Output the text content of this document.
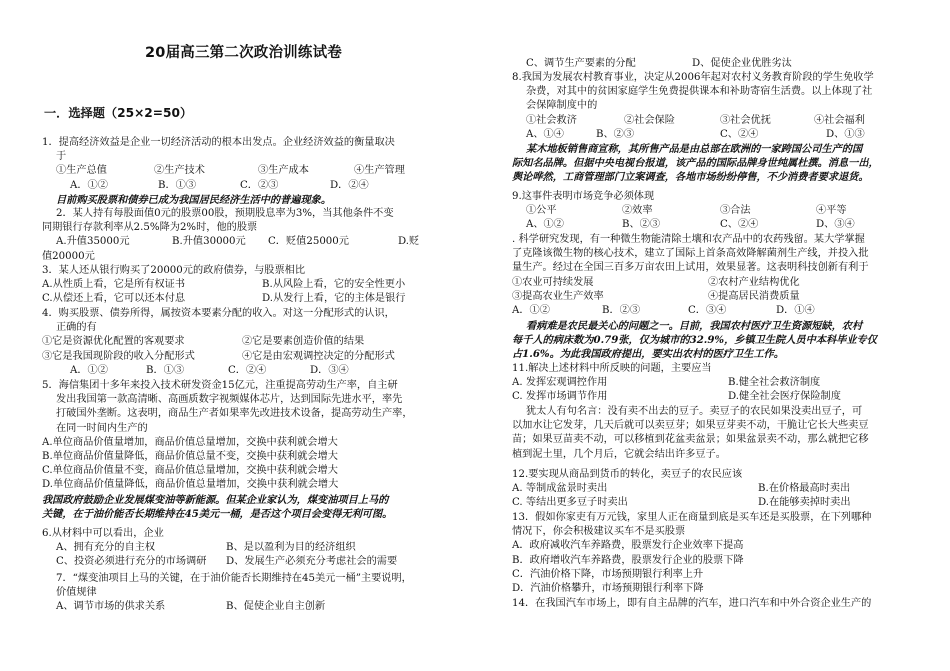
20届高三第二次政治训练试卷
一．选择题（25×2=50）
1．提高经济效益是企业一切经济活动的根本出发点。企业经济效益的衡量取决
于
①生产总值	②生产技术	③生产成本	④生产管理
A．①②	B．①③	C．②③	D．②④
目前购买股票和债券已成为我国居民经济生活中的普遍现象。
2．某人持有每股面值0元的股票00股，预期股息率为3%，当其他条件不变
同期银行存款利率从2.5%降为2%时，他的股票
A.升值35000元	B.升值30000元	C．贬值25000元	D.贬
值20000元
3．某人还从银行购买了20000元的政府债券，与股票相比
A.从性质上看，它是所有权证书	B.从风险上看，它的安全性更小
C.从偿还上看，它可以还本付息	D.从发行上看，它的主体是银行
4．购买股票、债券所得，属按资本要素分配的收入。对这一分配形式的认识，
正确的有
①它是资源优化配置的客观要求	②它是要素创造价值的结果
③它是我国现阶段的收入分配形式	④它是由宏观调控决定的分配形式
A．①②	B．①③	C．②④	D．③④
5．海信集团十多年来投入技术研发资金15亿元，注重提高劳动生产率，自主研
发出我国第一款高清晰、高画质数字视频媒体芯片，达到国际先进水平，率先
打破国外垄断。这表明，商品生产者如果率先改进技术设备，提高劳动生产率，
在同一时间内生产的
A.单位商品价值量增加，商品价值总量增加，交换中获利就会增大
B.单位商品价值量降低，商品价值总量不变，交换中获利就会增大
C.单位商品价值量不变，商品价值总量增加，交换中获利就会增大
D.单位商品价值量降低，商品价值总量增加，交换中获利就会增大
我国政府鼓励企业发展煤变油等新能源。但某企业家认为，煤变油项目上马的
关键，在于油价能否长期维持在45美元一桶，是否这个项目会变得无利可图。
6.从材料中可以看出，企业
A、拥有充分的自主权	B、是以盈利为目的经济组织
C、投资必须进行充分的市场调研	D、发展生产必须充分考虑社会的需要
7．“煤变油项目上马的关键，在于油价能否长期维持在45美元一桶”主要说明，
价值规律
A、调节市场的供求关系	B、促使企业自主创新
C、调节生产要素的分配	D、促使企业优胜劣汰
8.我国为发展农村教育事业，决定从2006年起对农村义务教育阶段的学生免收学
杂费，对其中的贫困家庭学生免费提供课本和补助寄宿生活费。以上体现了社
会保障制度中的
①社会救济	②社会保险	③社会优抚	④社会福利
A、①④	B、②③	C、②④	D、①③
某木地板销售商宣称，其所售产品是由总部在欧洲的一家跨国公司生产的国
际知名品牌。但据中央电视台报道，该产品的国际品牌身世纯属杜撰。消息一出，
舆论哗然，工商管理部门立案调查，各地市场纷纷停售，不少消费者要求退货。
9.这事件表明市场竞争必须体现
①公平	②效率	③合法	④平等
A、①②	B、②③	C、②④	D、③④
. 科学研究发现，有一种微生物能清除土壤和农产品中的农药残留。某大学掌握
了克隆该微生物的核心技术，建立了国际上首条高效降解菌剂生产线，并投入批
量生产。经过在全国三百多万亩农田上试用，效果显著。这表明科技创新有利于
①农业可持续发展	②农村产业结构优化
③提高农业生产效率	④提高居民消费质量
A．①②	B．②③	C．③④	D．①④
看病难是农民最关心的问题之一。目前，我国农村医疗卫生资源短缺，农村
每千人的病床数为0.79张，仅为城市的32.9%，乡镇卫生院人员中本科毕业专仅
占1.6%。为此我国政府提出，要实出农村的医疗卫生工作。
11.解决上述材料中所反映的问题，主要应当
A. 发挥宏观调控作用	B.健全社会救济制度
C. 发挥市场调节作用	D.健全社会医疗保险制度
犹太人有句名言：没有卖不出去的豆子。卖豆子的农民如果没卖出豆子，可
以加水让它发芽，几天后就可以卖豆芽；如果豆芽卖不动，干脆让它长大些卖豆
苗；如果豆苗卖不动，可以移植到花盆卖盆景；如果盆景卖不动，那么就把它移
植到泥土里，几个月后，它就会结出许多豆子。
12.要实现从商品到货币的转化，卖豆子的农民应该
A. 等制成盆景时卖出	B.在价格最高时卖出
C. 等结出更多豆子时卖出	D.在能够卖掉时卖出
13．假如你家吏有万元钱，家里人正在商量到底是买车还是买股票，在下列哪种
情况下，你会积极建议买车不是买股票
A．政府减收汽车养路费，股票发行企业效率下提高
B．政府增收汽车养路费，股票发行企业的股票下降
C．汽油价格下降，市场预期银行利率上升
D．汽油价格攀升，市场预期银行利率下降
14．在我国汽车市场上，即有自主品牌的汽车，进口汽车和中外合资企业生产的
